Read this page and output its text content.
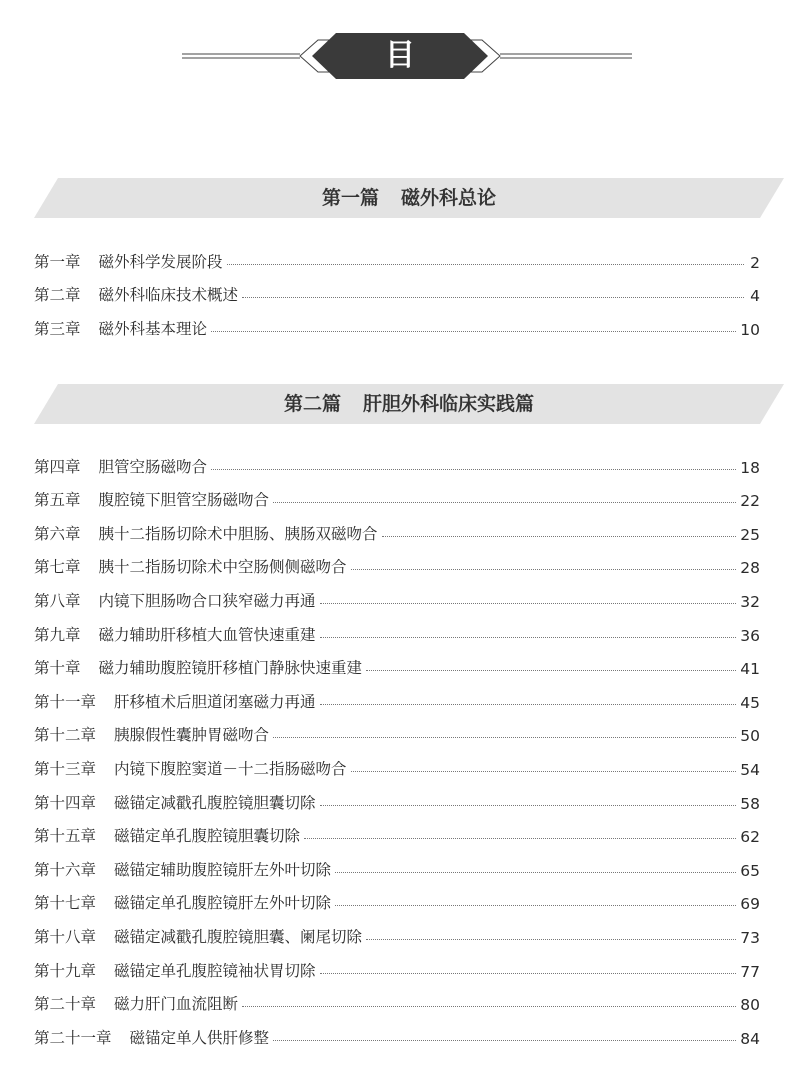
目 录
第一篇 磁外科总论
第一章 磁外科学发展阶段	2
第二章 磁外科临床技术概述	4
第三章 磁外科基本理论	10
第二篇 肝胆外科临床实践篇
第四章 胆管空肠磁吻合	18
第五章 腹腔镜下胆管空肠磁吻合	22
第六章 胰十二指肠切除术中胆肠、胰肠双磁吻合	25
第七章 胰十二指肠切除术中空肠侧侧磁吻合	28
第八章 内镜下胆肠吻合口狭窄磁力再通	32
第九章 磁力辅助肝移植大血管快速重建	36
第十章 磁力辅助腹腔镜肝移植门静脉快速重建	41
第十一章 肝移植术后胆道闭塞磁力再通	45
第十二章 胰腺假性囊肿胃磁吻合	50
第十三章 内镜下腹腔窦道－十二指肠磁吻合	54
第十四章 磁锚定减戳孔腹腔镜胆囊切除	58
第十五章 磁锚定单孔腹腔镜胆囊切除	62
第十六章 磁锚定辅助腹腔镜肝左外叶切除	65
第十七章 磁锚定单孔腹腔镜肝左外叶切除	69
第十八章 磁锚定减戳孔腹腔镜胆囊、阑尾切除	73
第十九章 磁锚定单孔腹腔镜袖状胃切除	77
第二十章 磁力肝门血流阻断	80
第二十一章 磁锚定单人供肝修整	84
